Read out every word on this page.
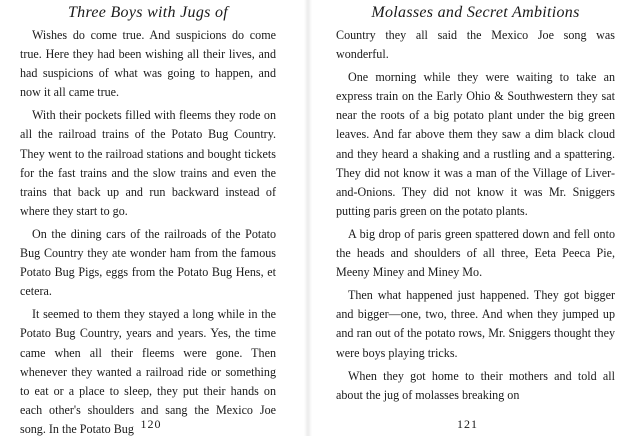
Three Boys with Jugs of

Wishes do come true. And suspicions do come true. Here they had been wishing all their lives, and had suspicions of what was going to happen, and now it all came true.

With their pockets filled with fleems they rode on all the railroad trains of the Potato Bug Country. They went to the railroad stations and bought tickets for the fast trains and the slow trains and even the trains that back up and run backward instead of where they start to go.

On the dining cars of the railroads of the Potato Bug Country they ate wonder ham from the famous Potato Bug Pigs, eggs from the Potato Bug Hens, et cetera.

It seemed to them they stayed a long while in the Potato Bug Country, years and years. Yes, the time came when all their fleems were gone. Then whenever they wanted a railroad ride or something to eat or a place to sleep, they put their hands on each other's shoulders and sang the Mexico Joe song. In the Potato Bug 120
Molasses and Secret Ambitions

Country they all said the Mexico Joe song was wonderful.

One morning while they were waiting to take an express train on the Early Ohio & Southwestern they sat near the roots of a big potato plant under the big green leaves. And far above them they saw a dim black cloud and they heard a shaking and a rustling and a spattering. They did not know it was a man of the Village of Liver-and-Onions. They did not know it was Mr. Sniggers putting paris green on the potato plants.

A big drop of paris green spattered down and fell onto the heads and shoulders of all three, Eeta Peeca Pie, Meeny Miney and Miney Mo.

Then what happened just happened. They got bigger and bigger—one, two, three. And when they jumped up and ran out of the potato rows, Mr. Sniggers thought they were boys playing tricks.

When they got home to their mothers and told all about the jug of molasses breaking on

121
